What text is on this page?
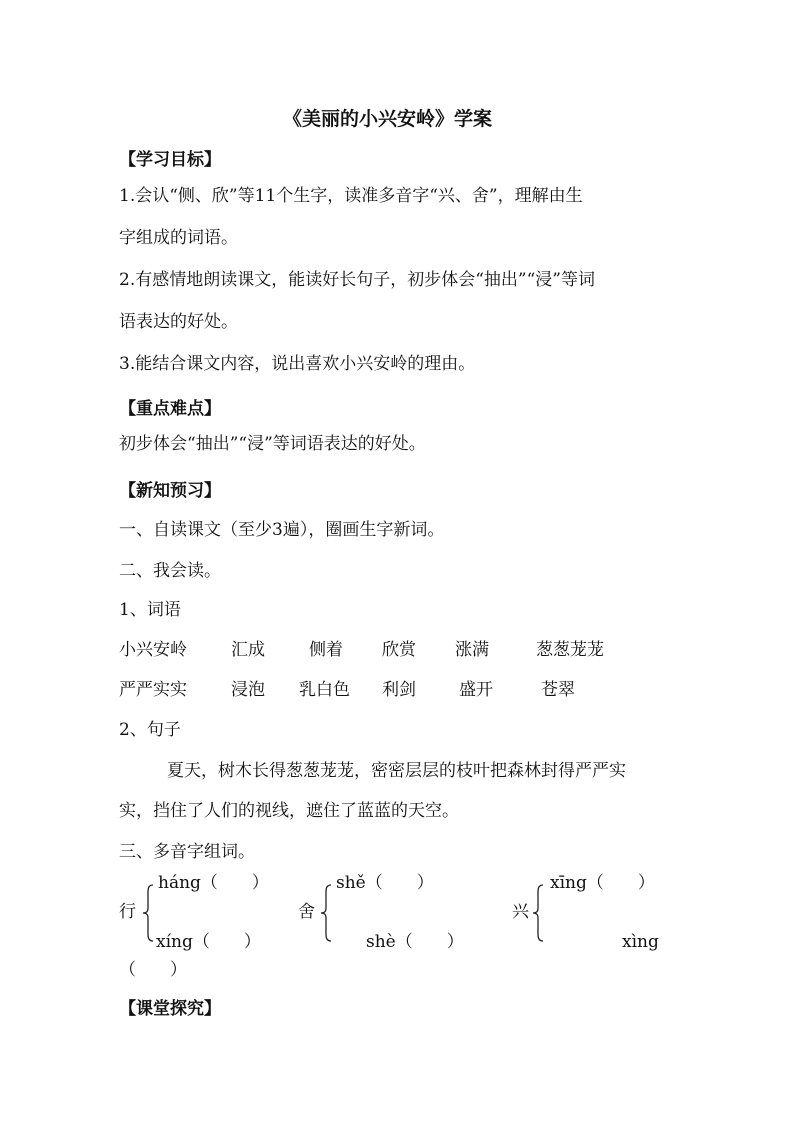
《美丽的小兴安岭》学案
【学习目标】
1.会认“侧、欣”等11个生字，读准多音字“兴、舍”，理解由生
字组成的词语。
2.有感情地朗读课文，能读好长句子，初步体会“抽出”“浸”等词
语表达的好处。
3.能结合课文内容，说出喜欢小兴安岭的理由。
【重点难点】
初步体会“抽出”“浸”等词语表达的好处。
【新知预习】
一、自读课文（至少3遍），圈画生字新词。
二、我会读。
1、词语
小兴安岭	汇成	侧着 欣赏 涨满	葱葱茏茏
严严实实	浸泡 乳白色 利剑	盛开	苍翠
2、句子
夏天，树木长得葱葱茏茏，密密层层的枝叶把森林封得严严实
实，挡住了人们的视线，遮住了蓝蓝的天空。
三、多音字组词。
háng（　　）
行
xíng（　　）
shě（　　）
舍
shè（　　）
xīng（　　）
兴
xìng
（　　）
【课堂探究】
